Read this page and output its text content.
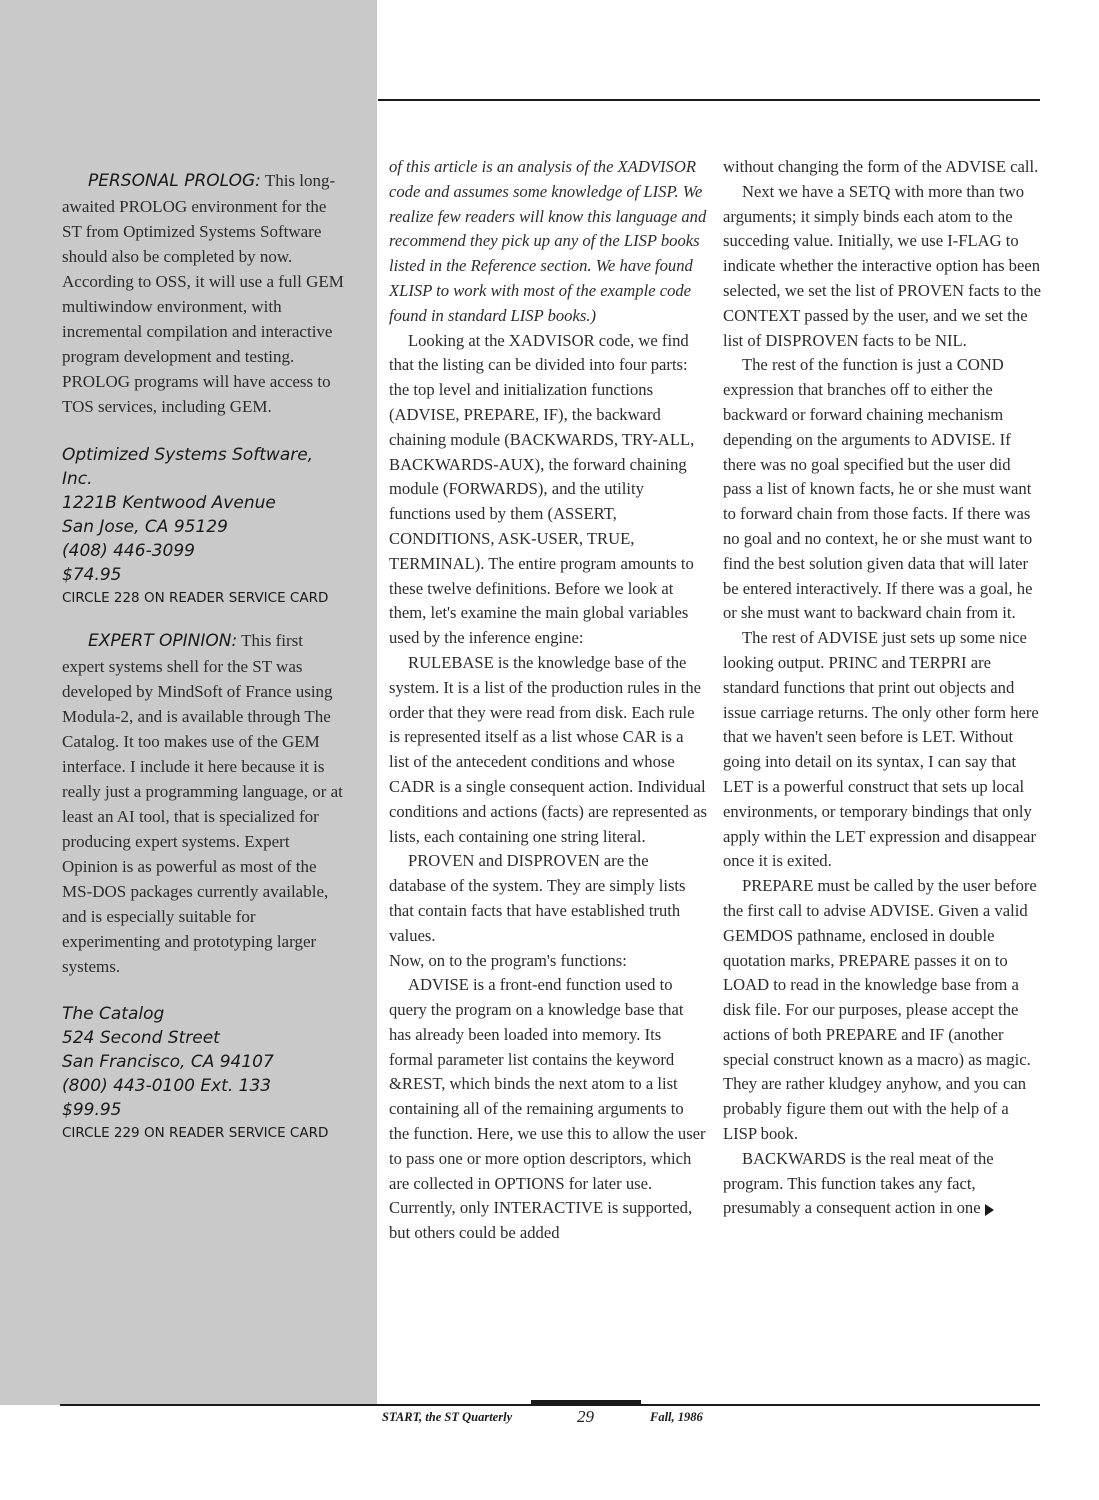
PERSONAL PROLOG: This long-awaited PROLOG environment for the ST from Optimized Systems Software should also be completed by now. According to OSS, it will use a full GEM multiwindow environment, with incremental compilation and interactive program development and testing. PROLOG programs will have access to TOS services, including GEM.

Optimized Systems Software, Inc.

1221B Kentwood Avenue

San Jose, CA 95129

(408) 446-3099

$74.95

CIRCLE 228 ON READER SERVICE CARD

EXPERT OPINION: This first expert systems shell for the ST was developed by MindSoft of France using Modula-2, and is available through The Catalog. It too makes use of the GEM interface. I include it here because it is really just a programming language, or at least an AI tool, that is specialized for producing expert systems. Expert Opinion is as powerful as most of the MS-DOS packages currently available, and is especially suitable for experimenting and prototyping larger systems.

The Catalog

524 Second Street

San Francisco, CA 94107

(800) 443-0100 Ext. 133

$99.95

CIRCLE 229 ON READER SERVICE CARD

of this article is an analysis of the XADVISOR code and assumes some knowledge of LISP. We realize few readers will know this language and recommend they pick up any of the LISP books listed in the Reference section. We have found XLISP to work with most of the example code found in standard LISP books.)

Looking at the XADVISOR code, we find that the listing can be divided into four parts: the top level and initialization functions (ADVISE, PREPARE, IF), the backward chaining module (BACKWARDS, TRY-ALL, BACKWARDS-AUX), the forward chaining module (FORWARDS), and the utility functions used by them (ASSERT, CONDITIONS, ASK-USER, TRUE, TERMINAL). The entire program amounts to these twelve definitions. Before we look at them, let's examine the main global variables used by the inference engine:

RULEBASE is the knowledge base of the system. It is a list of the production rules in the order that they were read from disk. Each rule is represented itself as a list whose CAR is a list of the antecedent conditions and whose CADR is a single consequent action. Individual conditions and actions (facts) are represented as lists, each containing one string literal.

PROVEN and DISPROVEN are the database of the system. They are simply lists that contain facts that have established truth values.

Now, on to the program's functions:

ADVISE is a front-end function used to query the program on a knowledge base that has already been loaded into memory. Its formal parameter list contains the keyword &REST, which binds the next atom to a list containing all of the remaining arguments to the function. Here, we use this to allow the user to pass one or more option descriptors, which are collected in OPTIONS for later use. Currently, only INTERACTIVE is supported, but others could be added

without changing the form of the ADVISE call.

Next we have a SETQ with more than two arguments; it simply binds each atom to the succeding value. Initially, we use I-FLAG to indicate whether the interactive option has been selected, we set the list of PROVEN facts to the CONTEXT passed by the user, and we set the list of DISPROVEN facts to be NIL.

The rest of the function is just a COND expression that branches off to either the backward or forward chaining mechanism depending on the arguments to ADVISE. If there was no goal specified but the user did pass a list of known facts, he or she must want to forward chain from those facts. If there was no goal and no context, he or she must want to find the best solution given data that will later be entered interactively. If there was a goal, he or she must want to backward chain from it.

The rest of ADVISE just sets up some nice looking output. PRINC and TERPRI are standard functions that print out objects and issue carriage returns. The only other form here that we haven't seen before is LET. Without going into detail on its syntax, I can say that LET is a powerful construct that sets up local environments, or temporary bindings that only apply within the LET expression and disappear once it is exited.

PREPARE must be called by the user before the first call to advise ADVISE. Given a valid GEMDOS pathname, enclosed in double quotation marks, PREPARE passes it on to LOAD to read in the knowledge base from a disk file. For our purposes, please accept the actions of both PREPARE and IF (another special construct known as a macro) as magic. They are rather kludgey anyhow, and you can probably figure them out with the help of a LISP book.

BACKWARDS is the real meat of the program. This function takes any fact, presumably a consequent action in one

START, the ST Quarterly	29	Fall, 1986
